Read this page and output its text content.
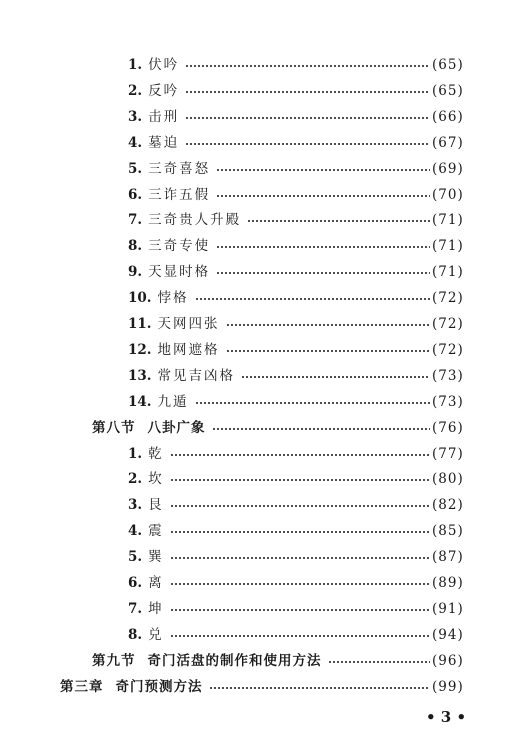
1. 伏吟	(65)
2. 反吟	(65)
3. 击刑	(66)
4. 墓迫	(67)
5. 三奇喜怒	(69)
6. 三诈五假	(70)
7. 三奇贵人升殿	(71)
8. 三奇专使	(71)
9. 天显时格	(71)
10. 悖格	(72)
11. 天网四张	(72)
12. 地网遮格	(72)
13. 常见吉凶格	(73)
14. 九遁	(73)
第八节 八卦广象	(76)
1. 乾	(77)
2. 坎	(80)
3. 艮	(82)
4. 震	(85)
5. 巽	(87)
6. 离	(89)
7. 坤	(91)
8. 兑	(94)
第九节 奇门活盘的制作和使用方法	(96)
第三章 奇门预测方法	(99)
• 3 •
